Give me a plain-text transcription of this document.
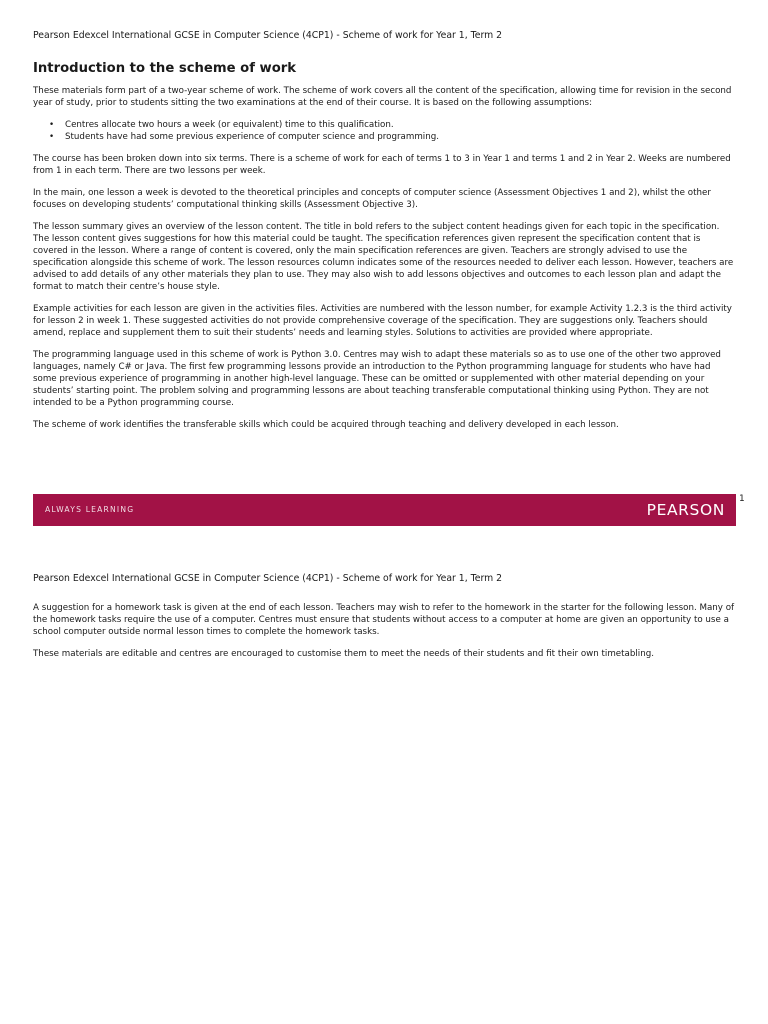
Pearson Edexcel International GCSE in Computer Science (4CP1) - Scheme of work for Year 1, Term 2
Introduction to the scheme of work

These materials form part of a two-year scheme of work. The scheme of work covers all the content of the specification, allowing time for revision in the second year of study, prior to students sitting the two examinations at the end of their course. It is based on the following assumptions:

• Centres allocate two hours a week (or equivalent) time to this qualification.
• Students have had some previous experience of computer science and programming.

The course has been broken down into six terms. There is a scheme of work for each of terms 1 to 3 in Year 1 and terms 1 and 2 in Year 2. Weeks are numbered from 1 in each term. There are two lessons per week.

In the main, one lesson a week is devoted to the theoretical principles and concepts of computer science (Assessment Objectives 1 and 2), whilst the other focuses on developing students’ computational thinking skills (Assessment Objective 3).

The lesson summary gives an overview of the lesson content. The title in bold refers to the subject content headings given for each topic in the specification. The lesson content gives suggestions for how this material could be taught. The specification references given represent the specification content that is covered in the lesson. Where a range of content is covered, only the main specification references are given. Teachers are strongly advised to use the specification alongside this scheme of work. The lesson resources column indicates some of the resources needed to deliver each lesson. However, teachers are advised to add details of any other materials they plan to use. They may also wish to add lessons objectives and outcomes to each lesson plan and adapt the format to match their centre’s house style.

Example activities for each lesson are given in the activities files. Activities are numbered with the lesson number, for example Activity 1.2.3 is the third activity for lesson 2 in week 1. These suggested activities do not provide comprehensive coverage of the specification. They are suggestions only. Teachers should amend, replace and supplement them to suit their students’ needs and learning styles. Solutions to activities are provided where appropriate.

The programming language used in this scheme of work is Python 3.0. Centres may wish to adapt these materials so as to use one of the other two approved languages, namely C# or Java. The first few programming lessons provide an introduction to the Python programming language for students who have had some previous experience of programming in another high-level language. These can be omitted or supplemented with other material depending on your students’ starting point. The problem solving and programming lessons are about teaching transferable computational thinking using Python. They are not intended to be a Python programming course.

The scheme of work identifies the transferable skills which could be acquired through teaching and delivery developed in each lesson.

ALWAYS LEARNING	PEARSON
1
Pearson Edexcel International GCSE in Computer Science (4CP1) - Scheme of work for Year 1, Term 2

A suggestion for a homework task is given at the end of each lesson. Teachers may wish to refer to the homework in the starter for the following lesson. Many of the homework tasks require the use of a computer. Centres must ensure that students without access to a computer at home are given an opportunity to use a school computer outside normal lesson times to complete the homework tasks.

These materials are editable and centres are encouraged to customise them to meet the needs of their students and fit their own timetabling.
